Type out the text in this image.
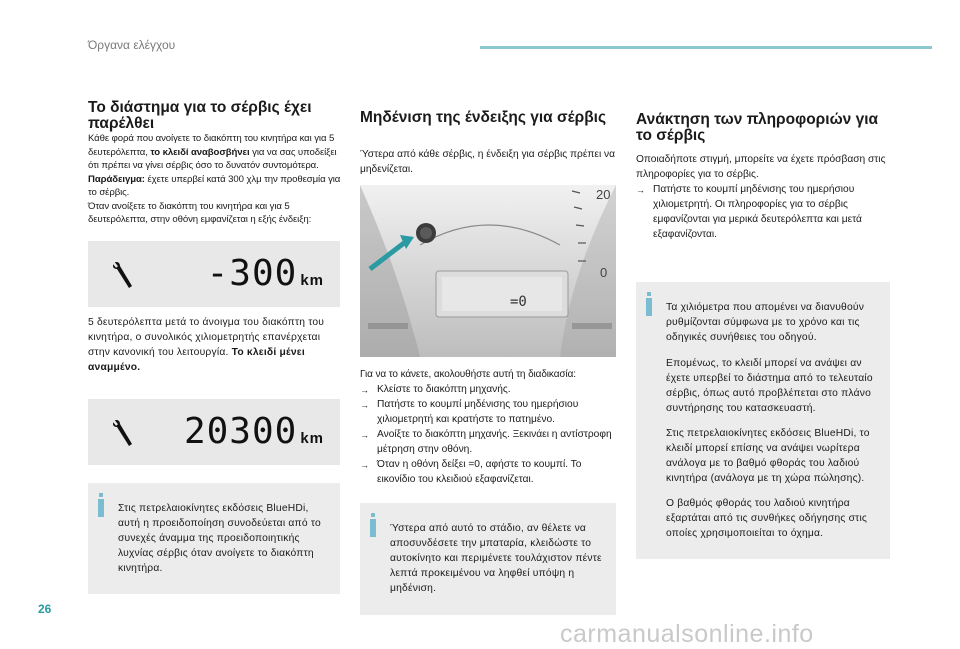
Όργανα ελέγχου
Το διάστημα για το σέρβις έχει παρέλθει

Κάθε φορά που ανοίγετε το διακόπτη του κινητήρα και για 5 δευτερόλεπτα, το κλειδί αναβοσβήνει για να σας υποδείξει ότι πρέπει να γίνει σέρβις όσο το δυνατόν συντομότερα.

Παράδειγμα: έχετε υπερβεί κατά 300 χλμ την προθεσμία για το σέρβις.

Όταν ανοίξετε το διακόπτη του κινητήρα και για 5 δευτερόλεπτα, στην οθόνη εμφανίζεται η εξής ένδειξη:

-300 km

5 δευτερόλεπτα μετά το άνοιγμα του διακόπτη του κινητήρα, ο συνολικός χιλιομετρητής επανέρχεται στην κανονική του λειτουργία. Το κλειδί μένει αναμμένο.

20300 km

Στις πετρελαιοκίνητες εκδόσεις BlueHDi, αυτή η προειδοποίηση συνοδεύεται από το συνεχές άναμμα της προειδοποιητικής λυχνίας σέρβις όταν ανοίγετε το διακόπτη κινητήρα.

Μηδένιση της ένδειξης για σέρβις

Ύστερα από κάθε σέρβις, η ένδειξη για σέρβις πρέπει να μηδενίζεται.

20
0
=0

Για να το κάνετε, ακολουθήστε αυτή τη διαδικασία:

→ Κλείστε το διακόπτη μηχανής.
→ Πατήστε το κουμπί μηδένισης του ημερήσιου χιλιομετρητή και κρατήστε το πατημένο.
→ Ανοίξτε το διακόπτη μηχανής. Ξεκινάει η αντίστροφη μέτρηση στην οθόνη.
→ Όταν η οθόνη δείξει =0, αφήστε το κουμπί. Το εικονίδιο του κλειδιού εξαφανίζεται.

Ύστερα από αυτό το στάδιο, αν θέλετε να αποσυνδέσετε την μπαταρία, κλειδώστε το αυτοκίνητο και περιμένετε τουλάχιστον πέντε λεπτά προκειμένου να ληφθεί υπόψη η μηδένιση.

Ανάκτηση των πληροφοριών για το σέρβις

Οποιαδήποτε στιγμή, μπορείτε να έχετε πρόσβαση στις πληροφορίες για το σέρβις.

→ Πατήστε το κουμπί μηδένισης του ημερήσιου χιλιομετρητή. Οι πληροφορίες για το σέρβις εμφανίζονται για μερικά δευτερόλεπτα και μετά εξαφανίζονται.

Τα χιλιόμετρα που απομένει να διανυθούν ρυθμίζονται σύμφωνα με το χρόνο και τις οδηγικές συνήθειες του οδηγού.

Επομένως, το κλειδί μπορεί να ανάψει αν έχετε υπερβεί το διάστημα από το τελευταίο σέρβις, όπως αυτό προβλέπεται στο πλάνο συντήρησης του κατασκευαστή.

Στις πετρελαιοκίνητες εκδόσεις BlueHDi, το κλειδί μπορεί επίσης να ανάψει νωρίτερα ανάλογα με το βαθμό φθοράς του λαδιού κινητήρα (ανάλογα με τη χώρα πώλησης).

Ο βαθμός φθοράς του λαδιού κινητήρα εξαρτάται από τις συνθήκες οδήγησης στις οποίες χρησιμοποιείται το όχημα.

26
carmanualsonline.info
